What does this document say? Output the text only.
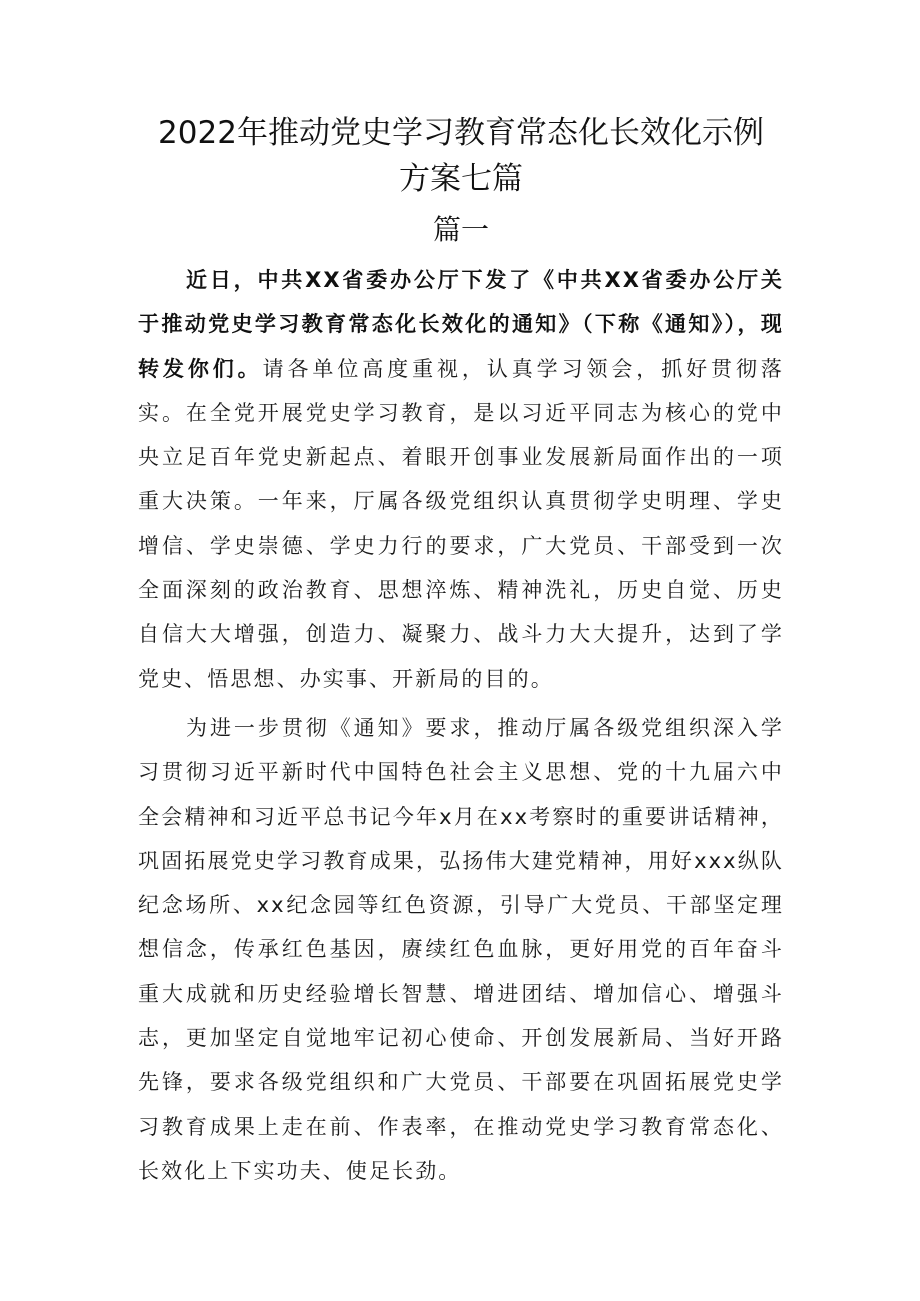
2022年推动党史学习教育常态化长效化示例
方案七篇
篇一

近日，中共XX省委办公厅下发了《中共XX省委办公厅关于推动党史学习教育常态化长效化的通知》（下称《通知》），现转发你们。请各单位高度重视，认真学习领会，抓好贯彻落实。在全党开展党史学习教育，是以习近平同志为核心的党中央立足百年党史新起点、着眼开创事业发展新局面作出的一项重大决策。一年来，厅属各级党组织认真贯彻学史明理、学史增信、学史崇德、学史力行的要求，广大党员、干部受到一次全面深刻的政治教育、思想淬炼、精神洗礼，历史自觉、历史自信大大增强，创造力、凝聚力、战斗力大大提升，达到了学党史、悟思想、办实事、开新局的目的。

为进一步贯彻《通知》要求，推动厅属各级党组织深入学习贯彻习近平新时代中国特色社会主义思想、党的十九届六中全会精神和习近平总书记今年x月在xx考察时的重要讲话精神，巩固拓展党史学习教育成果，弘扬伟大建党精神，用好xxx纵队纪念场所、xx纪念园等红色资源，引导广大党员、干部坚定理想信念，传承红色基因，赓续红色血脉，更好用党的百年奋斗重大成就和历史经验增长智慧、增进团结、增加信心、增强斗志，更加坚定自觉地牢记初心使命、开创发展新局、当好开路先锋，要求各级党组织和广大党员、干部要在巩固拓展党史学习教育成果上走在前、作表率，在推动党史学习教育常态化、长效化上下实功夫、使足长劲。
